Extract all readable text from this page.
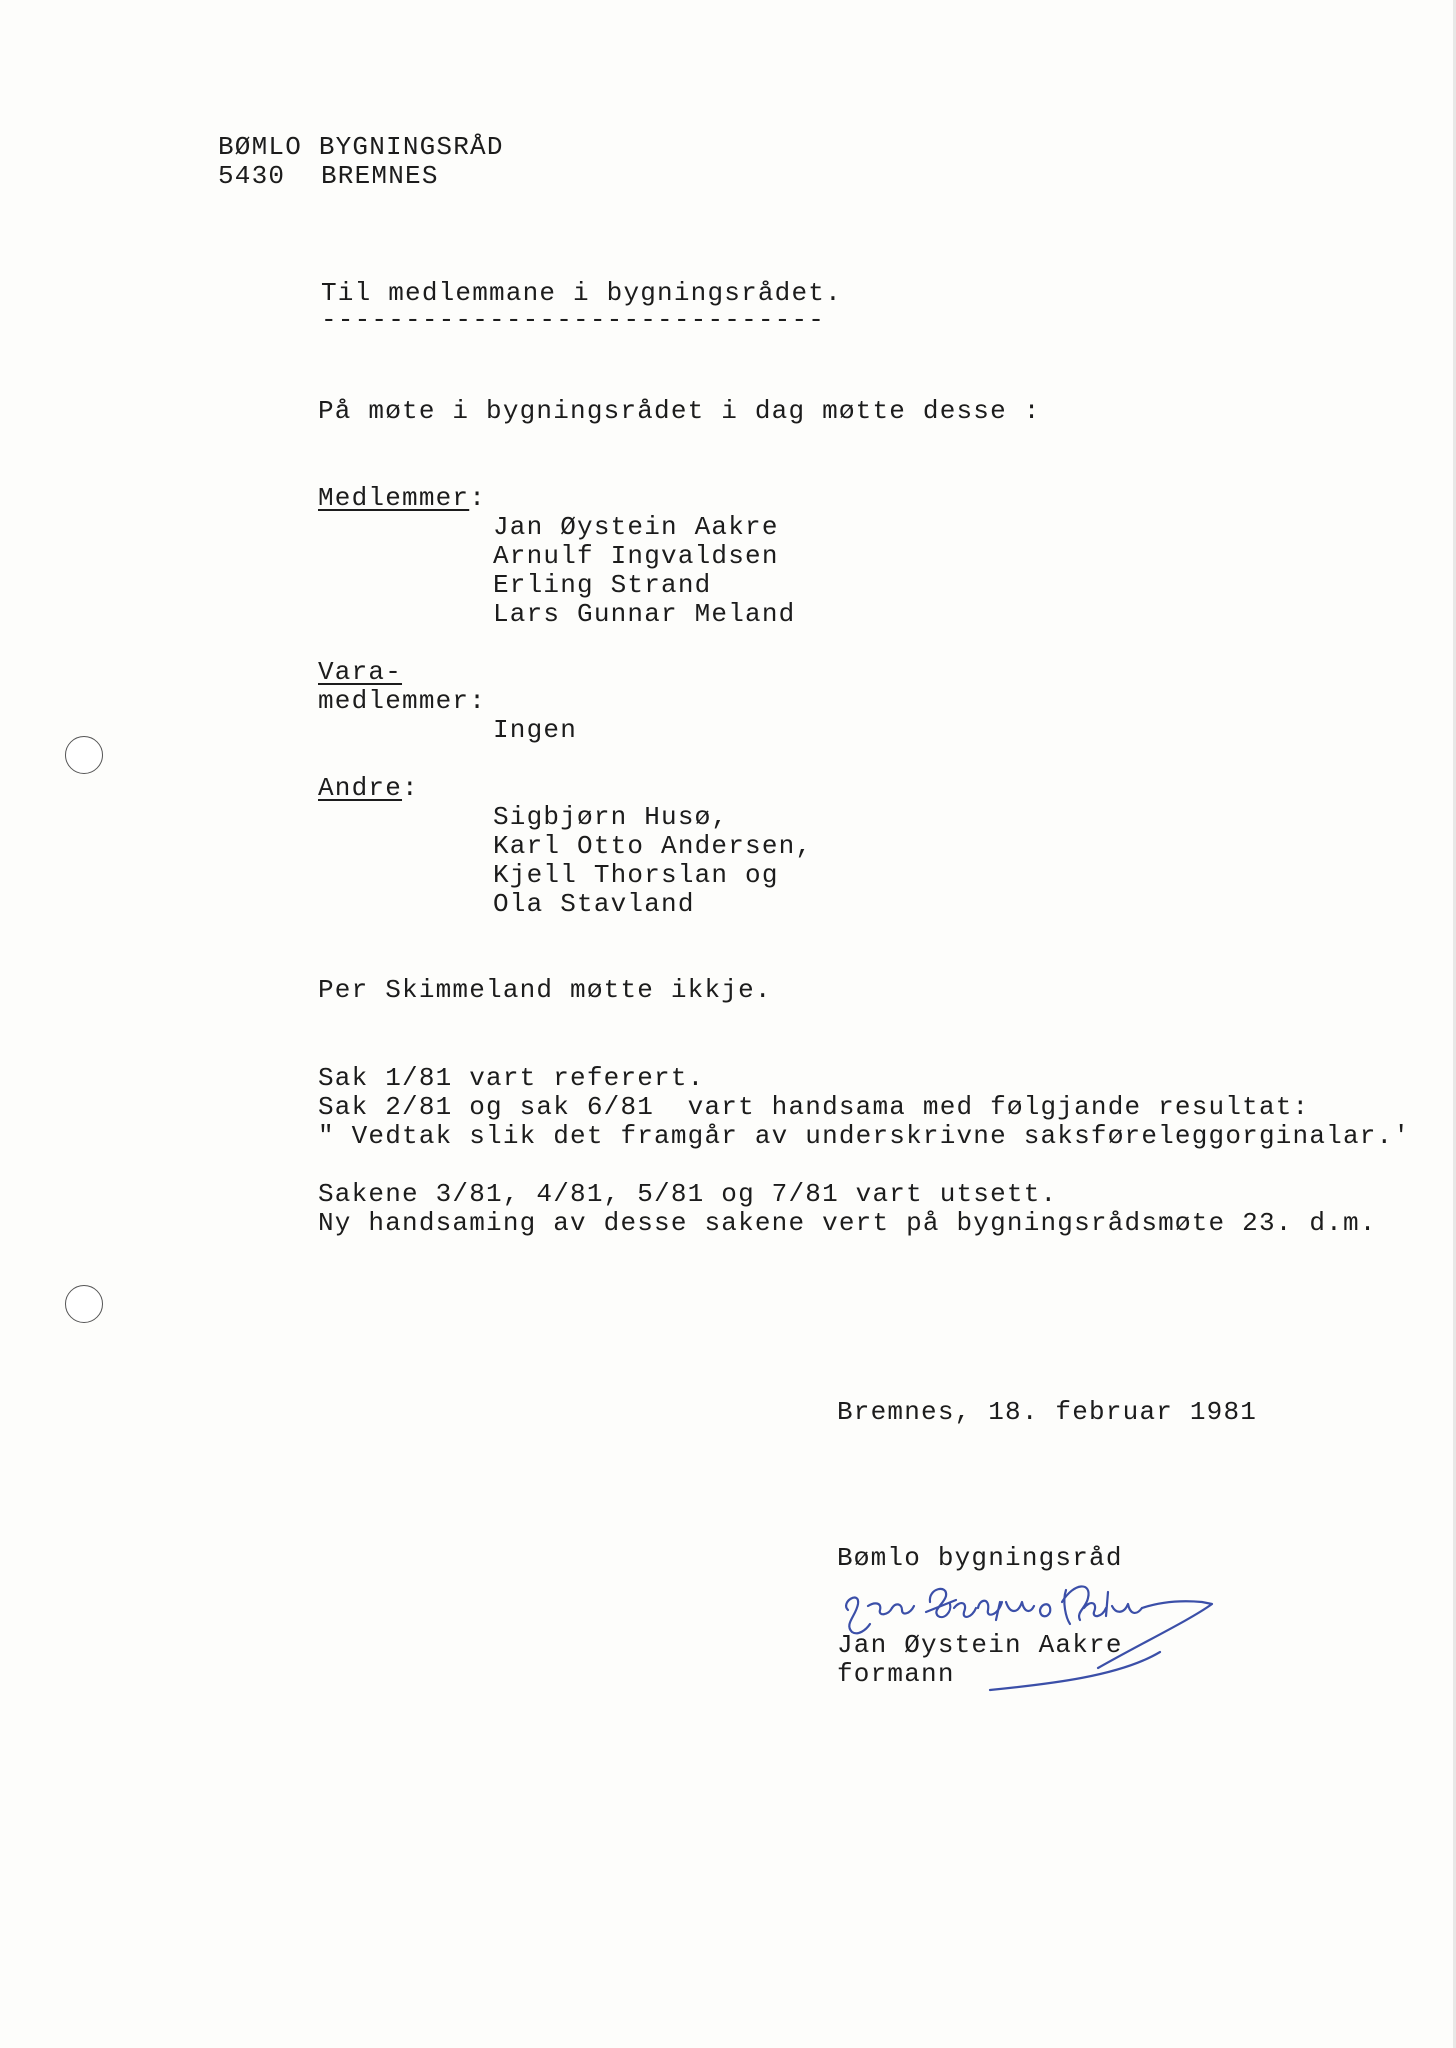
BØMLO BYGNINGSRÅD
5430 BREMNES
Til medlemmane i bygningsrådet.
------------------------------
På møte i bygningsrådet i dag møtte desse :
Medlemmer:
Jan Øystein Aakre
Arnulf Ingvaldsen
Erling Strand
Lars Gunnar Meland
Vara-
medlemmer:
Ingen
Andre:
Sigbjørn Husø,
Karl Otto Andersen,
Kjell Thorslan og
Ola Stavland
Per Skimmeland møtte ikkje.
Sak 1/81 vart referert.
Sak 2/81 og sak 6/81  vart handsama med følgjande resultat:
" Vedtak slik det framgår av underskrivne saksføreleggorginalar.'
Sakene 3/81, 4/81, 5/81 og 7/81 vart utsett.
Ny handsaming av desse sakene vert på bygningsrådsmøte 23. d.m.
Bremnes, 18. februar 1981
Bømlo bygningsråd
Jan Øystein Aakre
formann
